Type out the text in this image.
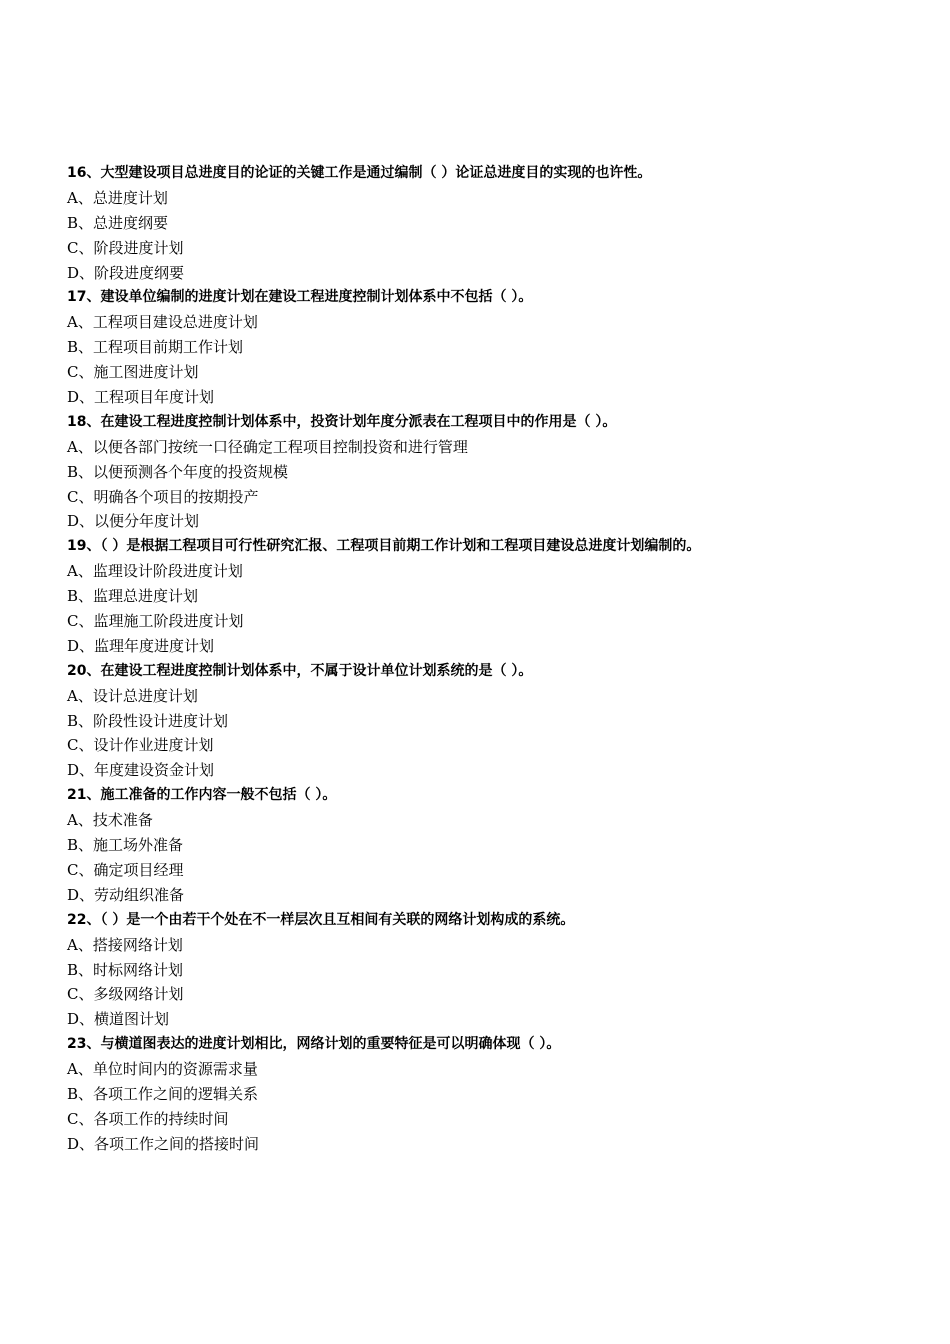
16、大型建设项目总进度目的论证的关键工作是通过编制（ ）论证总进度目的实现的也许性。
A、总进度计划
B、总进度纲要
C、阶段进度计划
D、阶段进度纲要
17、建设单位编制的进度计划在建设工程进度控制计划体系中不包括（ ）。
A、工程项目建设总进度计划
B、工程项目前期工作计划
C、施工图进度计划
D、工程项目年度计划
18、在建设工程进度控制计划体系中，投资计划年度分派表在工程项目中的作用是（ ）。
A、以便各部门按统一口径确定工程项目控制投资和进行管理
B、以便预测各个年度的投资规模
C、明确各个项目的按期投产
D、以便分年度计划
19、（ ）是根据工程项目可行性研究汇报、工程项目前期工作计划和工程项目建设总进度计划编制的。
A、监理设计阶段进度计划
B、监理总进度计划
C、监理施工阶段进度计划
D、监理年度进度计划
20、在建设工程进度控制计划体系中，不属于设计单位计划系统的是（ ）。
A、设计总进度计划
B、阶段性设计进度计划
C、设计作业进度计划
D、年度建设资金计划
21、施工准备的工作内容一般不包括（ ）。
A、技术准备
B、施工场外准备
C、确定项目经理
D、劳动组织准备
22、（ ）是一个由若干个处在不一样层次且互相间有关联的网络计划构成的系统。
A、搭接网络计划
B、时标网络计划
C、多级网络计划
D、横道图计划
23、与横道图表达的进度计划相比，网络计划的重要特征是可以明确体现（ ）。
A、单位时间内的资源需求量
B、各项工作之间的逻辑关系
C、各项工作的持续时间
D、各项工作之间的搭接时间
